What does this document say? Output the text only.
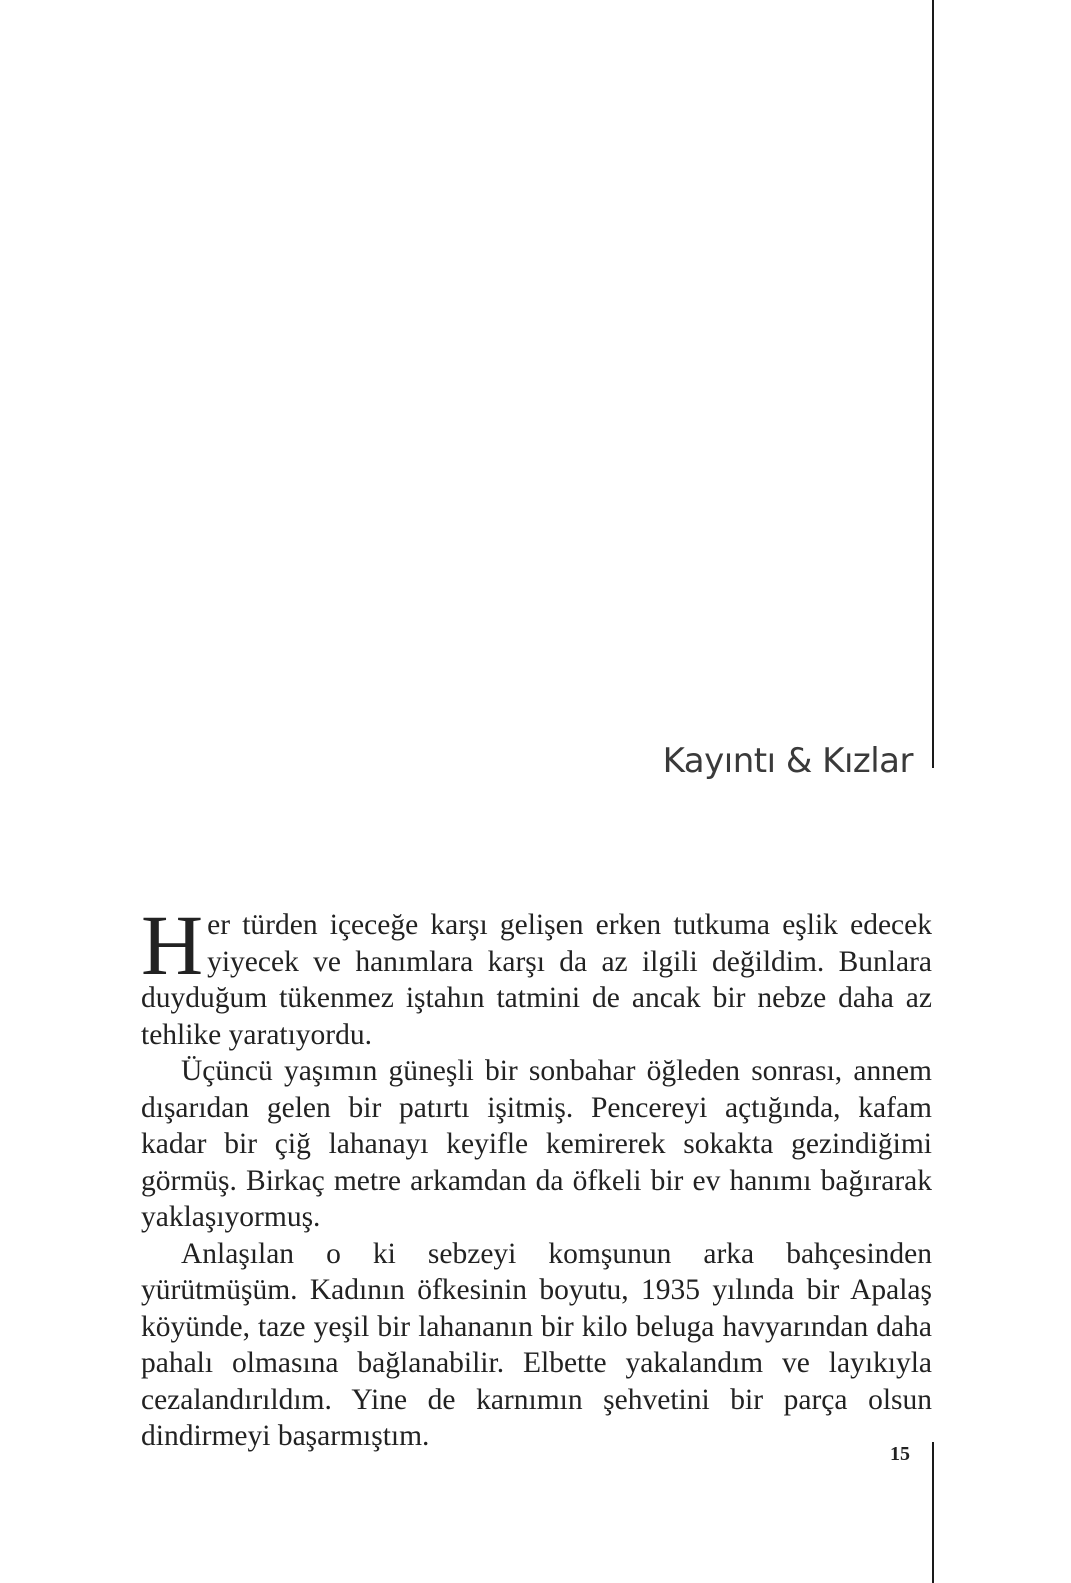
Kayıntı & Kızlar

Her türden içeceğe karşı gelişen erken tutkuma eşlik edecek yiyecek ve hanımlara karşı da az ilgili değildim. Bunlara duyduğum tükenmez iştahın tatmini de ancak bir nebze daha az tehlike yaratıyordu.

Üçüncü yaşımın güneşli bir sonbahar öğleden sonrası, annem dışarıdan gelen bir patırtı işitmiş. Pencereyi açtığında, kafam kadar bir çiğ lahanayı keyifle kemirerek sokakta gezindiğimi görmüş. Birkaç metre arkamdan da öfkeli bir ev hanımı bağırarak yaklaşıyormuş.

Anlaşılan o ki sebzeyi komşunun arka bahçesinden yürütmüşüm. Kadının öfkesinin boyutu, 1935 yılında bir Apalaş köyünde, taze yeşil bir lahananın bir kilo beluga havyarından daha pahalı olmasına bağlanabilir. Elbette yakalandım ve layıkıyla cezalandırıldım. Yine de karnımın şehvetini bir parça olsun dindirmeyi başarmıştım.

15
